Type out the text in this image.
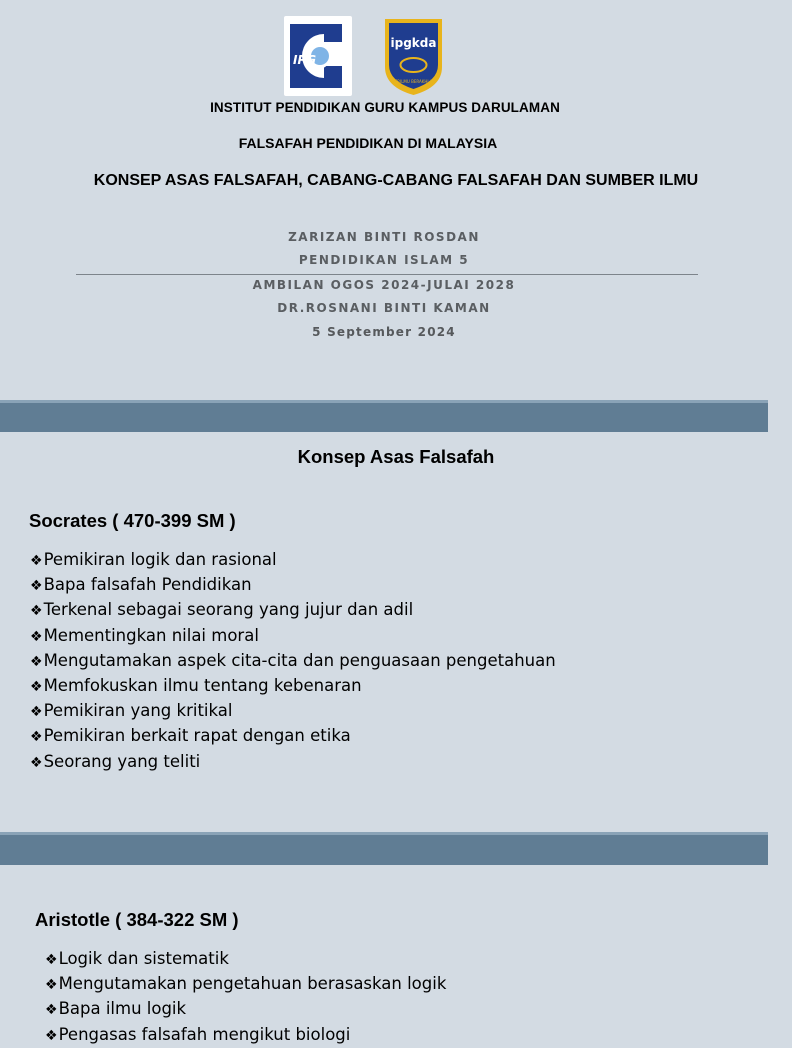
IPG
ipgkda
BERILMU BERAKHLAK
INSTITUT PENDIDIKAN GURU KAMPUS DARULAMAN
FALSAFAH PENDIDIKAN DI MALAYSIA
KONSEP ASAS FALSAFAH, CABANG-CABANG FALSAFAH DAN SUMBER ILMU
ZARIZAN BINTI ROSDAN
PENDIDIKAN ISLAM 5
AMBILAN OGOS 2024-JULAI 2028
DR.ROSNANI BINTI KAMAN
5 September 2024
Konsep Asas Falsafah
Socrates ( 470-399 SM )
❖Pemikiran logik dan rasional
❖Bapa falsafah Pendidikan
❖Terkenal sebagai seorang yang jujur dan adil
❖Mementingkan nilai moral
❖Mengutamakan aspek cita-cita dan penguasaan pengetahuan
❖Memfokuskan ilmu tentang kebenaran
❖Pemikiran yang kritikal
❖Pemikiran berkait rapat dengan etika
❖Seorang yang teliti
Aristotle ( 384-322 SM )
❖Logik dan sistematik
❖Mengutamakan pengetahuan berasaskan logik
❖Bapa ilmu logik
❖Pengasas falsafah mengikut biologi
